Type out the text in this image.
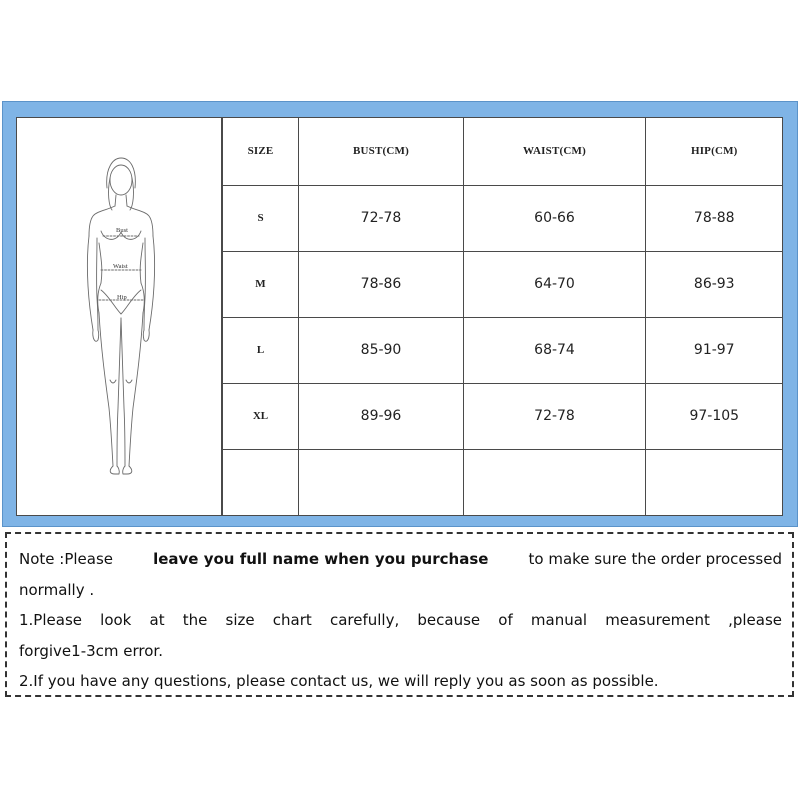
Bust
Waist
Hip
SIZE	BUST(CM)	WAIST(CM)	HIP(CM)
S	72-78	60-66	78-88
M	78-86	64-70	86-93
L	85-90	68-74	91-97
XL	89-96	72-78	97-105

Note :Please	leave you full name when you purchase	to make sure the order processed
normally .
1.Please look at the size chart carefully, because of manual measurement ,please
forgive1-3cm error.
2.If you have any questions, please contact us, we will reply you as soon as possible.
